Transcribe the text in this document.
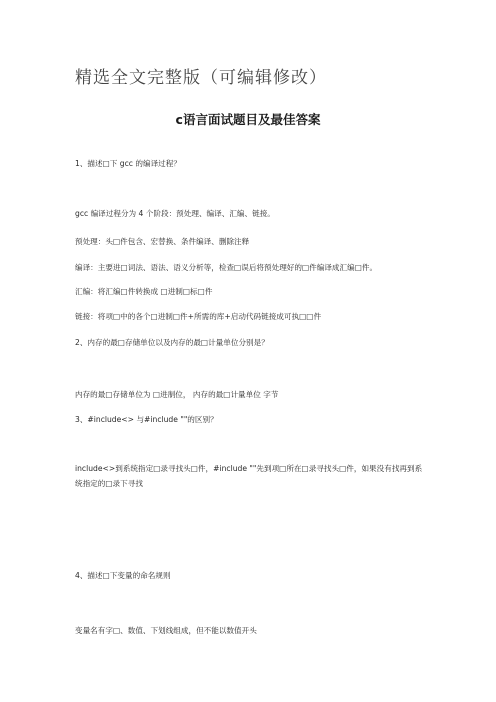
精选全文完整版（可编辑修改）
c语言面试题目及最佳答案
1、描述□下 gcc 的编译过程？
gcc 编译过程分为 4 个阶段：预处理、编译、汇编、链接。
预处理：头□件包含、宏替换、条件编译、删除注释
编译：主要进□词法、语法、语义分析等，检查□误后将预处理好的□件编译成汇编□件。
汇编：将汇编□件转换成 □进制□标□件
链接：将项□中的各个□进制□件+所需的库+启动代码链接成可执□□件
2、内存的最□存储单位以及内存的最□计量单位分别是？
内存的最□存储单位为 □进制位， 内存的最□计量单位 字节
3、#include<> 与#include ""的区别？
include<>到系统指定□录寻找头□件，#include ""先到项□所在□录寻找头□件，如果没有找再到系统指定的□录下寻找
4、描述□下变量的命名规则
变量名有字□、数值、下划线组成，但不能以数值开头
